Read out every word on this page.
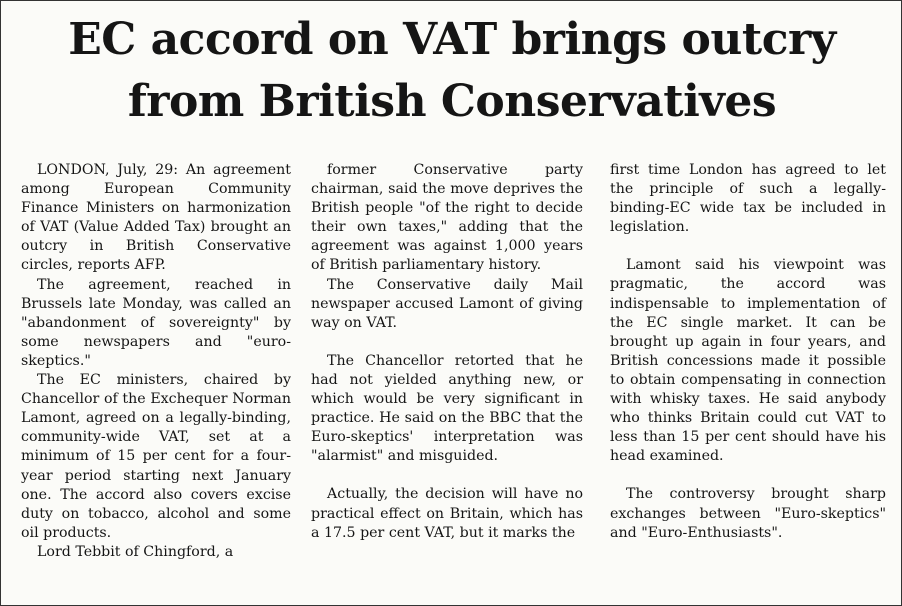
EC accord on VAT brings outcry
from British Conservatives

LONDON, July, 29: An agreement among European Community Finance Ministers on harmonization of VAT (Value Added Tax) brought an outcry in British Conservative circles, reports AFP.

The agreement, reached in Brussels late Monday, was called an "abandonment of sovereignty" by some newspapers and "euro-skeptics."

The EC ministers, chaired by Chancellor of the Exchequer Norman Lamont, agreed on a legally-binding, community-wide VAT, set at a minimum of 15 per cent for a four-year period starting next January one. The accord also covers excise duty on tobacco, alcohol and some oil products.

Lord Tebbit of Chingford, a

former Conservative party chairman, said the move deprives the British people "of the right to decide their own taxes," adding that the agreement was against 1,000 years of British parliamentary history.

The Conservative daily Mail newspaper accused Lamont of giving way on VAT.

The Chancellor retorted that he had not yielded anything new, or which would be very significant in practice. He said on the BBC that the Euro-skeptics' interpretation was "alarmist" and misguided.

Actually, the decision will have no practical effect on Britain, which has a 17.5 per cent VAT, but it marks the

first time London has agreed to let the principle of such a legally-binding-EC wide tax be included in legislation.

Lamont said his viewpoint was pragmatic, the accord was indispensable to implementation of the EC single market. It can be brought up again in four years, and British concessions made it possible to obtain compensating in connection with whisky taxes. He said anybody who thinks Britain could cut VAT to less than 15 per cent should have his head examined.

The controversy brought sharp exchanges between "Euro-skeptics" and "Euro-Enthusiasts".
